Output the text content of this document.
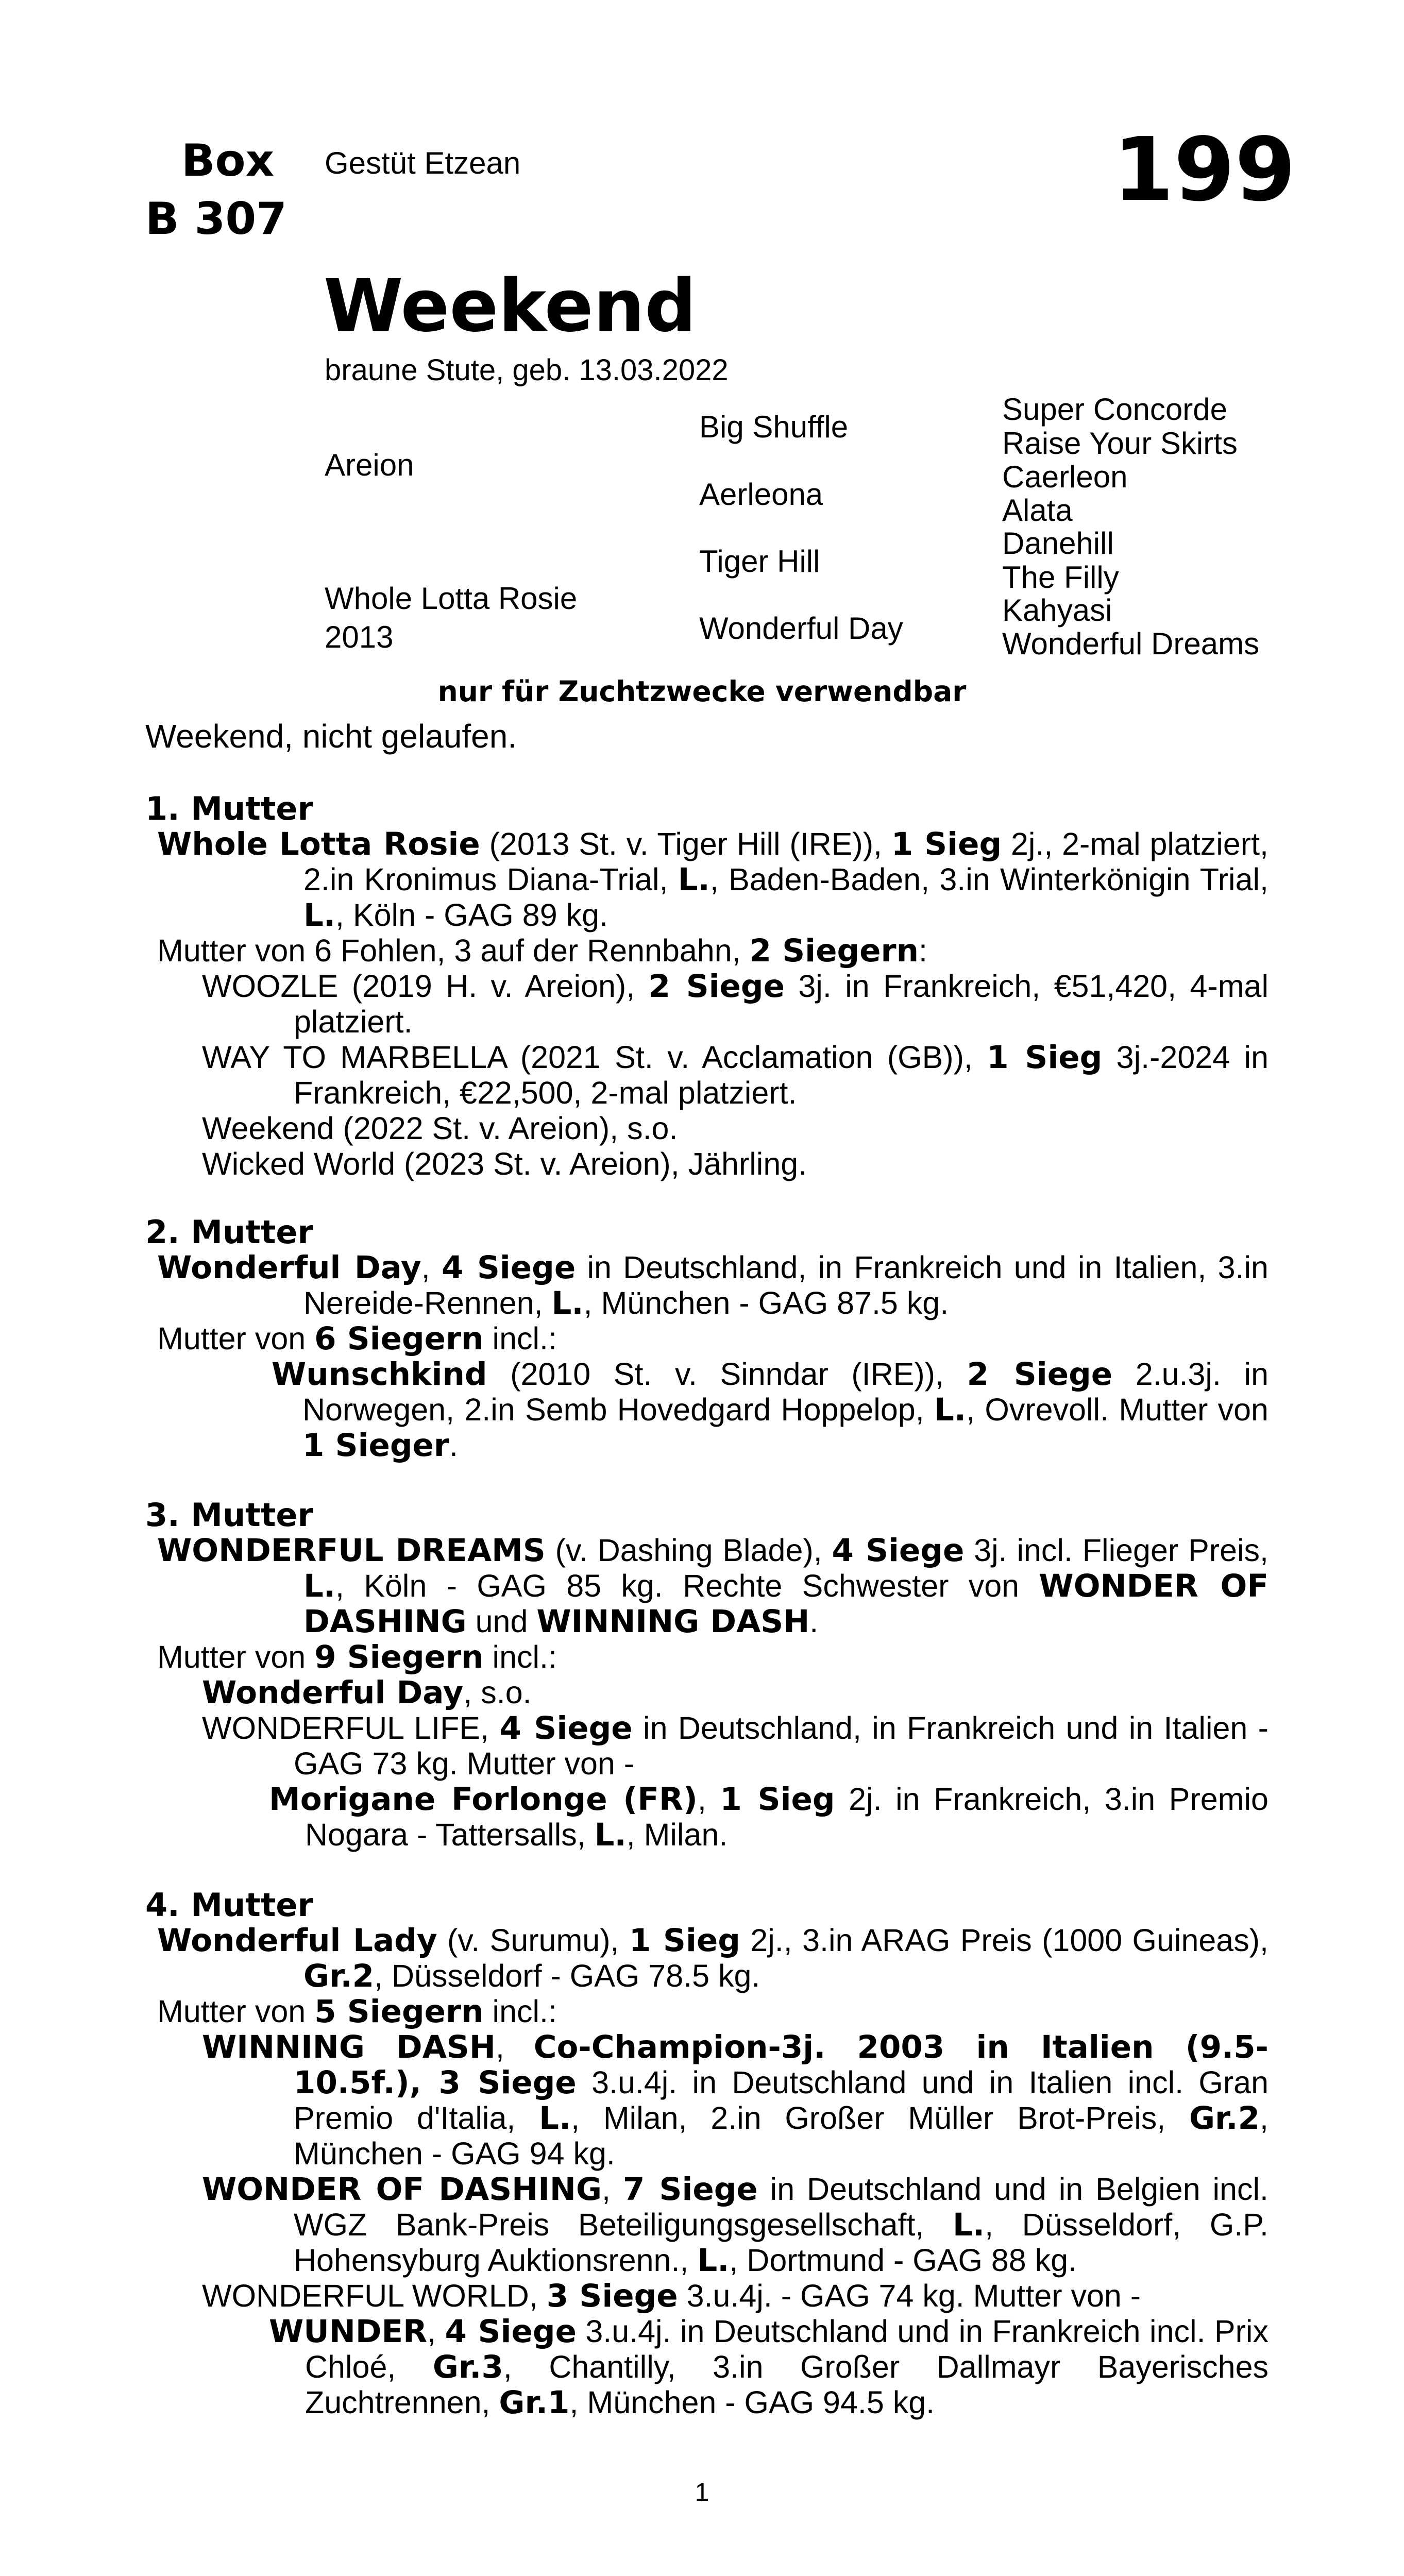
Box
B 307
Gestüt Etzean	199
Weekend
braune Stute, geb. 13.03.2022
Areion
Whole Lotta Rosie
2013
Big Shuffle
Aerleona
Tiger Hill
Wonderful Day
Super Concorde
Raise Your Skirts
Caerleon
Alata
Danehill
The Filly
Kahyasi
Wonderful Dreams
nur für Zuchtzwecke verwendbar
Weekend, nicht gelaufen.
1. Mutter
Whole Lotta Rosie (2013 St. v. Tiger Hill (IRE)), 1 Sieg 2j., 2-mal platziert, 2.in Kronimus Diana-Trial, L., Baden-Baden, 3.in Winterkönigin Trial, L., Köln - GAG 89 kg.
Mutter von 6 Fohlen, 3 auf der Rennbahn, 2 Siegern:
WOOZLE (2019 H. v. Areion), 2 Siege 3j. in Frankreich, €51,420, 4-mal platziert.
WAY TO MARBELLA (2021 St. v. Acclamation (GB)), 1 Sieg 3j.-2024 in Frankreich, €22,500, 2-mal platziert.
Weekend (2022 St. v. Areion), s.o.
Wicked World (2023 St. v. Areion), Jährling.
2. Mutter
Wonderful Day, 4 Siege in Deutschland, in Frankreich und in Italien, 3.in Nereide-Rennen, L., München - GAG 87.5 kg.
Mutter von 6 Siegern incl.:
Wunschkind (2010 St. v. Sinndar (IRE)), 2 Siege 2.u.3j. in Norwegen, 2.in Semb Hovedgard Hoppelop, L., Ovrevoll. Mutter von 1 Sieger.
3. Mutter
WONDERFUL DREAMS (v. Dashing Blade), 4 Siege 3j. incl. Flieger Preis, L., Köln - GAG 85 kg. Rechte Schwester von WONDER OF DASHING und WINNING DASH.
Mutter von 9 Siegern incl.:
Wonderful Day, s.o.
WONDERFUL LIFE, 4 Siege in Deutschland, in Frankreich und in Italien - GAG 73 kg. Mutter von -
Morigane Forlonge (FR), 1 Sieg 2j. in Frankreich, 3.in Premio Nogara - Tattersalls, L., Milan.
4. Mutter
Wonderful Lady (v. Surumu), 1 Sieg 2j., 3.in ARAG Preis (1000 Guineas), Gr.2, Düsseldorf - GAG 78.5 kg.
Mutter von 5 Siegern incl.:
WINNING DASH, Co-Champion-3j. 2003 in Italien (9.5-10.5f.), 3 Siege 3.u.4j. in Deutschland und in Italien incl. Gran Premio d'Italia, L., Milan, 2.in Großer Müller Brot-Preis, Gr.2, München - GAG 94 kg.
WONDER OF DASHING, 7 Siege in Deutschland und in Belgien incl. WGZ Bank-Preis Beteiligungsgesellschaft, L., Düsseldorf, G.P. Hohensyburg Auktionsrenn., L., Dortmund - GAG 88 kg.
WONDERFUL WORLD, 3 Siege 3.u.4j. - GAG 74 kg. Mutter von -
WUNDER, 4 Siege 3.u.4j. in Deutschland und in Frankreich incl. Prix Chloé, Gr.3, Chantilly, 3.in Großer Dallmayr Bayerisches Zuchtrennen, Gr.1, München - GAG 94.5 kg.
1
